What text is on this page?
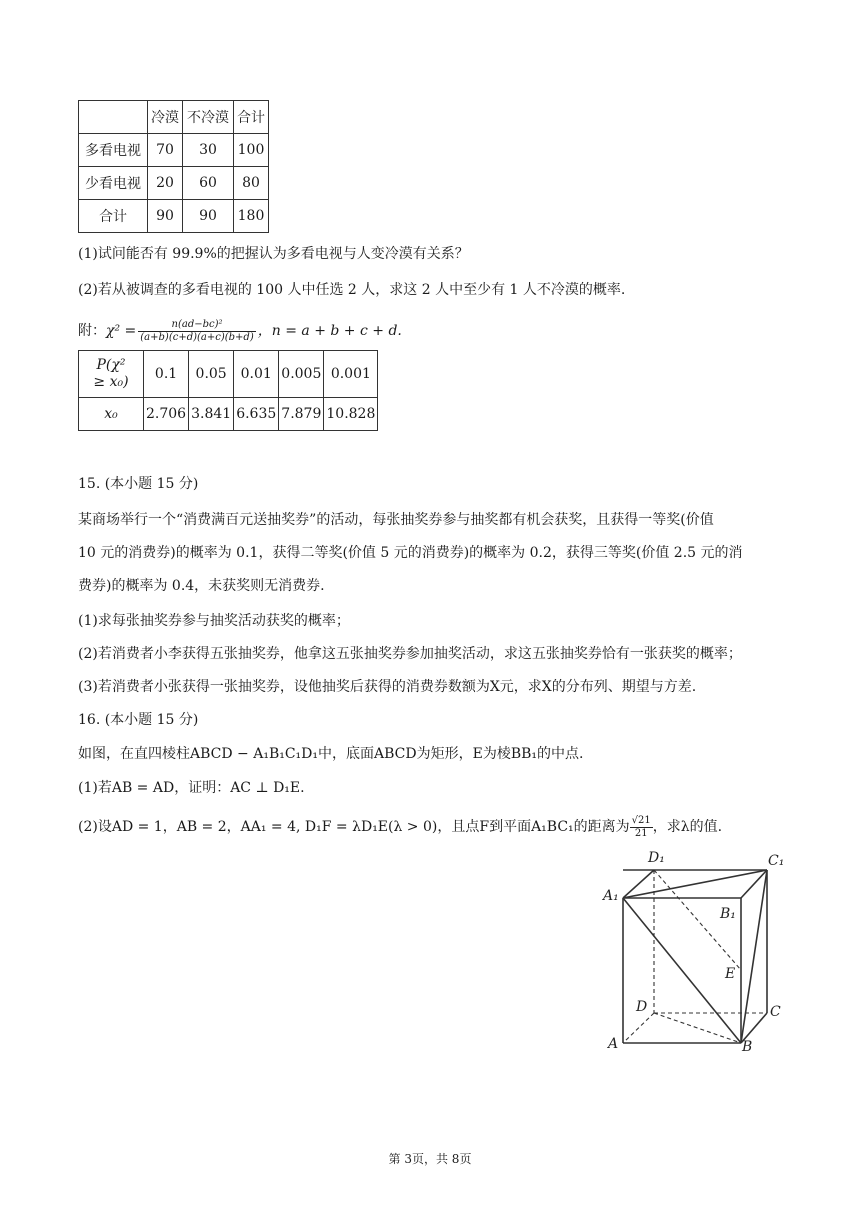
	冷漠	不冷漠	合计
多看电视	70	30	100
少看电视	20	60	80
合计	90	90	180
(1)试问能否有 99.9%的把握认为多看电视与人变冷漠有关系？
(2)若从被调查的多看电视的 100 人中任选 2 人，求这 2 人中至少有 1 人不冷漠的概率.
附： $\chi^2 = \frac{\text{n(ad−bc)²}}{(a+b)(c+d)(a+c)(b+d)}$ ，n = a + b + c + d.
P(χ²
≥ x₀)	0.1	0.05	0.01	0.005	0.001
x₀	2.706	3.841	6.635	7.879	10.828
15. (本小题 15 分)
某商场举行一个“消费满百元送抽奖券”的活动，每张抽奖券参与抽奖都有机会获奖，且获得一等奖(价值
10 元的消费券)的概率为 0.1，获得二等奖(价值 5 元的消费券)的概率为 0.2，获得三等奖(价值 2.5 元的消
费券)的概率为 0.4，未获奖则无消费券.
(1)求每张抽奖券参与抽奖活动获奖的概率；
(2)若消费者小李获得五张抽奖券，他拿这五张抽奖券参加抽奖活动，求这五张抽奖券恰有一张获奖的概率；
(3)若消费者小张获得一张抽奖券，设他抽奖后获得的消费券数额为X元，求X的分布列、期望与方差.
16. (本小题 15 分)
如图，在直四棱柱ABCD − A₁B₁C₁D₁中，底面ABCD为矩形，E为棱BB₁的中点.
(1)若AB = AD，证明：AC ⊥ D₁E.
(2)设AD = 1，AB = 2，AA₁ = 4, D₁F = λD₁E(λ > 0)，且点F到平面A₁BC₁的距离为 $\frac{√21}{21}$ ，求λ的值.
D₁	C₁
A₁
B₁
E
D	C
A	B
第 3页，共 8页
